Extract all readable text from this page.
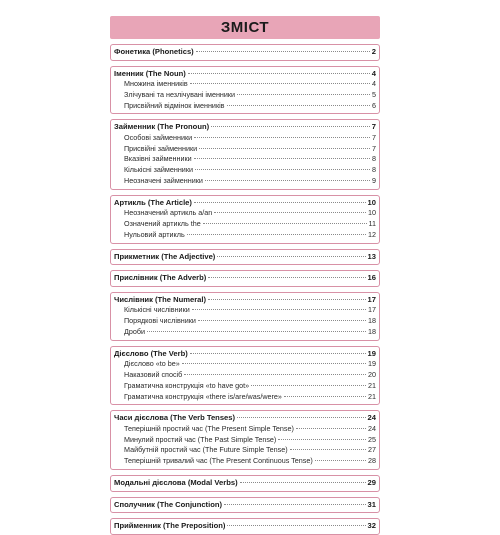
ЗМІСТ
Фонетика (Phonetics)	2
Іменник (The Noun)	4
Множина іменників	4
Злічувані та незлічувані іменники	5
Присвійний відмінок іменників	6
Займенник (The Pronoun)	7
Особові займенники	7
Присвійні займенники	7
Вказівні займенники	8
Кількісні займенники	8
Неозначені займенники	9
Артикль (The Article)	10
Неозначений артикль a/an	10
Означений артикль the	11
Нульовий артикль	12
Прикметник (The Adjective)	13
Прислівник (The Adverb)	16
Числівник (The Numeral)	17
Кількісні числівники	17
Порядкові числівники	18
Дроби	18
Дієслово (The Verb)	19
Дієслово «to be»	19
Наказовий спосіб	20
Граматична конструкція «to have got»	21
Граматична конструкція «there is/are/was/were»	21
Часи дієслова (The Verb Tenses)	24
Теперішній простий час (The Present Simple Tense)	24
Минулий простий час (The Past Simple Tense)	25
Майбутній простий час (The Future Simple Tense)	27
Теперішній тривалий час (The Present Continuous Tense)	28
Модальні дієслова (Modal Verbs)	29
Сполучник (The Conjunction)	31
Прийменник (The Preposition)	32
